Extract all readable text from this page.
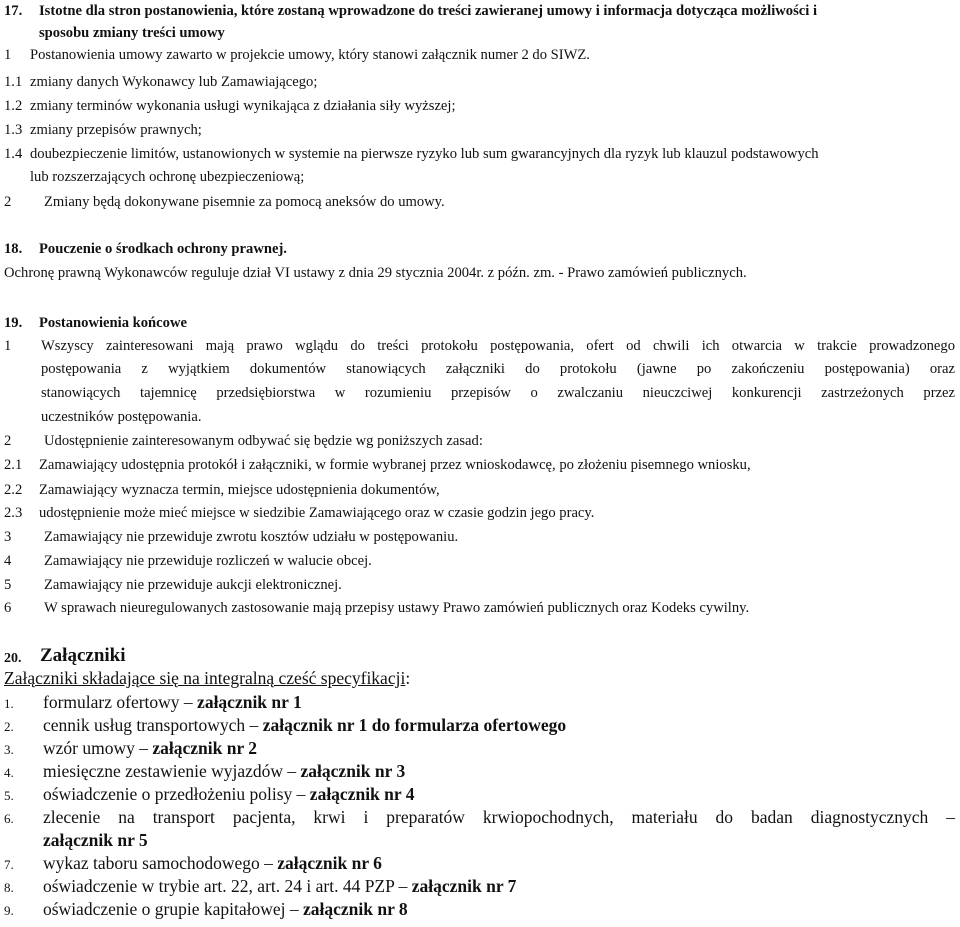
17. Istotne dla stron postanowienia, które zostaną wprowadzone do treści zawieranej umowy i informacja dotycząca możliwości i
sposobu zmiany treści umowy
1 Postanowienia umowy zawarto w projekcie umowy, który stanowi załącznik numer 2 do SIWZ.
1.1 zmiany danych Wykonawcy lub Zamawiającego;
1.2 zmiany terminów wykonania usługi wynikająca z działania siły wyższej;
1.3 zmiany przepisów prawnych;
1.4 doubezpieczenie limitów, ustanowionych w systemie na pierwsze ryzyko lub sum gwarancyjnych dla ryzyk lub klauzul podstawowych
lub rozszerzających ochronę ubezpieczeniową;
2 Zmiany będą dokonywane pisemnie za pomocą aneksów do umowy.
18. Pouczenie o środkach ochrony prawnej.
Ochronę prawną Wykonawców reguluje dział VI ustawy z dnia 29 stycznia 2004r. z późn. zm. - Prawo zamówień publicznych.
19. Postanowienia końcowe
1 Wszyscy zainteresowani mają prawo wglądu do treści protokołu postępowania, ofert od chwili ich otwarcia w trakcie prowadzonego
postępowania z wyjątkiem dokumentów stanowiących załączniki do protokołu (jawne po zakończeniu postępowania) oraz
stanowiących tajemnicę przedsiębiorstwa w rozumieniu przepisów o zwalczaniu nieuczciwej konkurencji zastrzeżonych przez
uczestników postępowania.
2 Udostępnienie zainteresowanym odbywać się będzie wg poniższych zasad:
2.1 Zamawiający udostępnia protokół i załączniki, w formie wybranej przez wnioskodawcę, po złożeniu pisemnego wniosku,
2.2 Zamawiający wyznacza termin, miejsce udostępnienia dokumentów,
2.3 udostępnienie może mieć miejsce w siedzibie Zamawiającego oraz w czasie godzin jego pracy.
3 Zamawiający nie przewiduje zwrotu kosztów udziału w postępowaniu.
4 Zamawiający nie przewiduje rozliczeń w walucie obcej.
5 Zamawiający nie przewiduje aukcji elektronicznej.
6 W sprawach nieuregulowanych zastosowanie mają przepisy ustawy Prawo zamówień publicznych oraz Kodeks cywilny.
20. Załączniki
Załączniki składające się na integralną cześć specyfikacji:
1. formularz ofertowy – załącznik nr 1
2. cennik usług transportowych – załącznik nr 1 do formularza ofertowego
3. wzór umowy – załącznik nr 2
4. miesięczne zestawienie wyjazdów – załącznik nr 3
5. oświadczenie o przedłożeniu polisy – załącznik nr 4
6. zlecenie na transport pacjenta, krwi i preparatów krwiopochodnych, materiału do badan diagnostycznych –
załącznik nr 5
7. wykaz taboru samochodowego – załącznik nr 6
8. oświadczenie w trybie art. 22, art. 24 i art. 44 PZP – załącznik nr 7
9. oświadczenie o grupie kapitałowej – załącznik nr 8
